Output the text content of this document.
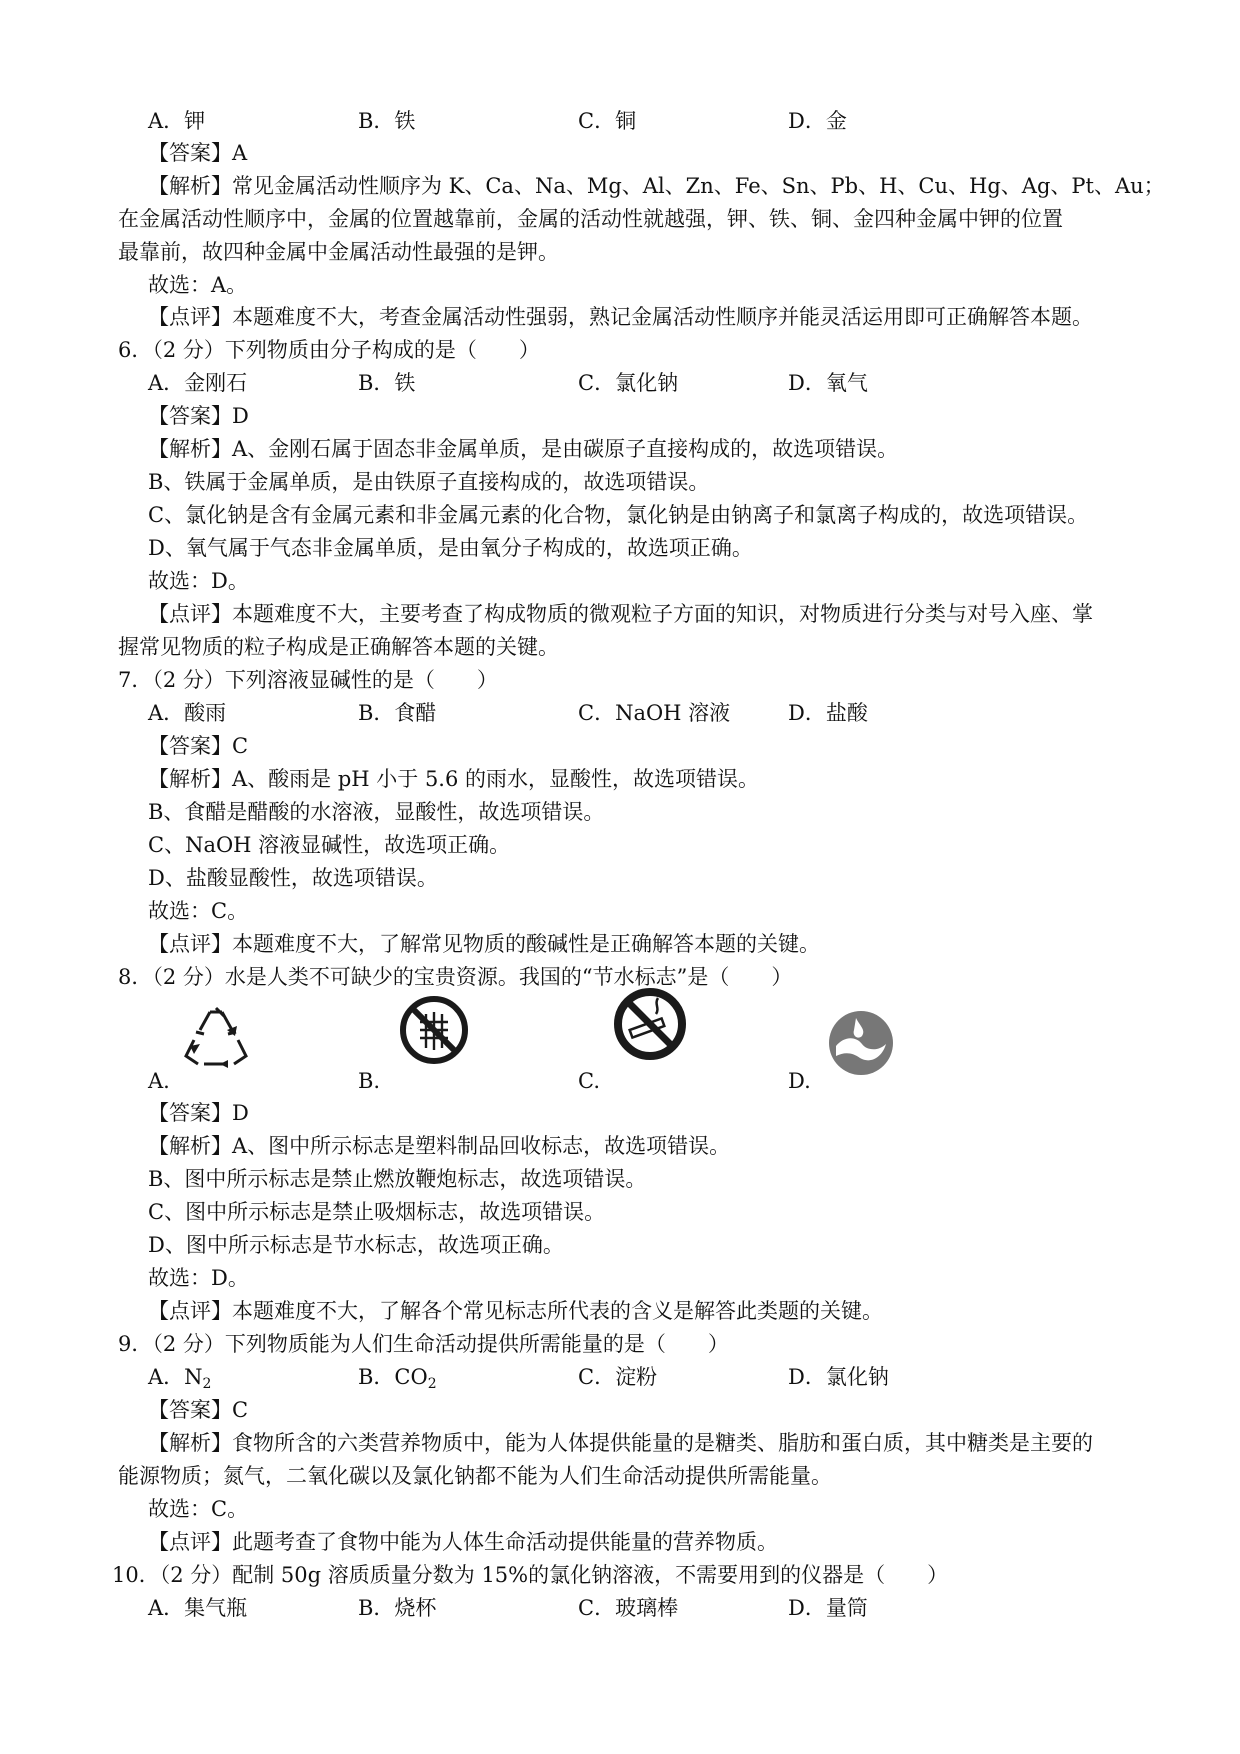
A．钾	B．铁	C．铜	D．金
【答案】A
【解析】常见金属活动性顺序为 K、Ca、Na、Mg、Al、Zn、Fe、Sn、Pb、H、Cu、Hg、Ag、Pt、Au；
在金属活动性顺序中，金属的位置越靠前，金属的活动性就越强，钾、铁、铜、金四种金属中钾的位置
最靠前，故四种金属中金属活动性最强的是钾。
故选：A。
【点评】本题难度不大，考查金属活动性强弱，熟记金属活动性顺序并能灵活运用即可正确解答本题。
6．（2 分）下列物质由分子构成的是（　　）
A．金刚石	B．铁	C．氯化钠	D．氧气
【答案】D
【解析】A、金刚石属于固态非金属单质，是由碳原子直接构成的，故选项错误。
B、铁属于金属单质，是由铁原子直接构成的，故选项错误。
C、氯化钠是含有金属元素和非金属元素的化合物，氯化钠是由钠离子和氯离子构成的，故选项错误。
D、氧气属于气态非金属单质，是由氧分子构成的，故选项正确。
故选：D。
【点评】本题难度不大，主要考查了构成物质的微观粒子方面的知识，对物质进行分类与对号入座、掌
握常见物质的粒子构成是正确解答本题的关键。
7．（2 分）下列溶液显碱性的是（　　）
A．酸雨	B．食醋	C．NaOH 溶液	D．盐酸
【答案】C
【解析】A、酸雨是 pH 小于 5.6 的雨水，显酸性，故选项错误。
B、食醋是醋酸的水溶液，显酸性，故选项错误。
C、NaOH 溶液显碱性，故选项正确。
D、盐酸显酸性，故选项错误。
故选：C。
【点评】本题难度不大，了解常见物质的酸碱性是正确解答本题的关键。
8．（2 分）水是人类不可缺少的宝贵资源。我国的“节水标志”是（　　）
A.	B.	C.	D.
【答案】D
【解析】A、图中所示标志是塑料制品回收标志，故选项错误。
B、图中所示标志是禁止燃放鞭炮标志，故选项错误。
C、图中所示标志是禁止吸烟标志，故选项错误。
D、图中所示标志是节水标志，故选项正确。
故选：D。
【点评】本题难度不大，了解各个常见标志所代表的含义是解答此类题的关键。
9．（2 分）下列物质能为人们生命活动提供所需能量的是（　　）
A．$N_2$	B．$CO_2$	C．淀粉	D．氯化钠
【答案】C
【解析】食物所含的六类营养物质中，能为人体提供能量的是糖类、脂肪和蛋白质，其中糖类是主要的
能源物质；氮气，二氧化碳以及氯化钠都不能为人们生命活动提供所需能量。
故选：C。
【点评】此题考查了食物中能为人体生命活动提供能量的营养物质。
10．（2 分）配制 50g 溶质质量分数为 15%的氯化钠溶液，不需要用到的仪器是（　　）
A．集气瓶	B．烧杯	C．玻璃棒	D．量筒
